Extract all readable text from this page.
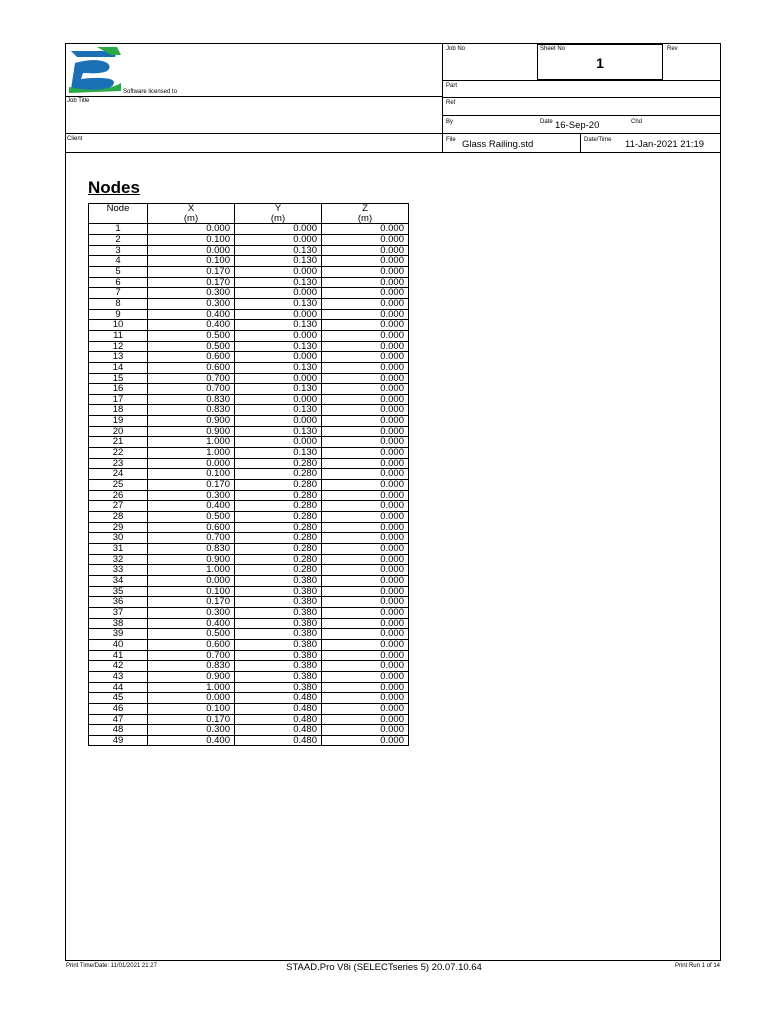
1
Software licensed to
Job Title
Client
Job No	Sheet No	Rev
Part
Ref
By	Date 16-Sep-20	Chd
File Glass Railing.std	Date/Time 11-Jan-2021 21:19
Nodes
Node	X	Y	Z
	(m)	(m)	(m)
1	0.000	0.000	0.000
2	0.100	0.000	0.000
3	0.000	0.130	0.000
4	0.100	0.130	0.000
5	0.170	0.000	0.000
6	0.170	0.130	0.000
7	0.300	0.000	0.000
8	0.300	0.130	0.000
9	0.400	0.000	0.000
10	0.400	0.130	0.000
11	0.500	0.000	0.000
12	0.500	0.130	0.000
13	0.600	0.000	0.000
14	0.600	0.130	0.000
15	0.700	0.000	0.000
16	0.700	0.130	0.000
17	0.830	0.000	0.000
18	0.830	0.130	0.000
19	0.900	0.000	0.000
20	0.900	0.130	0.000
21	1.000	0.000	0.000
22	1.000	0.130	0.000
23	0.000	0.280	0.000
24	0.100	0.280	0.000
25	0.170	0.280	0.000
26	0.300	0.280	0.000
27	0.400	0.280	0.000
28	0.500	0.280	0.000
29	0.600	0.280	0.000
30	0.700	0.280	0.000
31	0.830	0.280	0.000
32	0.900	0.280	0.000
33	1.000	0.280	0.000
34	0.000	0.380	0.000
35	0.100	0.380	0.000
36	0.170	0.380	0.000
37	0.300	0.380	0.000
38	0.400	0.380	0.000
39	0.500	0.380	0.000
40	0.600	0.380	0.000
41	0.700	0.380	0.000
42	0.830	0.380	0.000
43	0.900	0.380	0.000
44	1.000	0.380	0.000
45	0.000	0.480	0.000
46	0.100	0.480	0.000
47	0.170	0.480	0.000
48	0.300	0.480	0.000
49	0.400	0.480	0.000
Print Time/Date: 11/01/2021 21:27	STAAD.Pro V8i (SELECTseries 5) 20.07.10.64	Print Run 1 of 14
